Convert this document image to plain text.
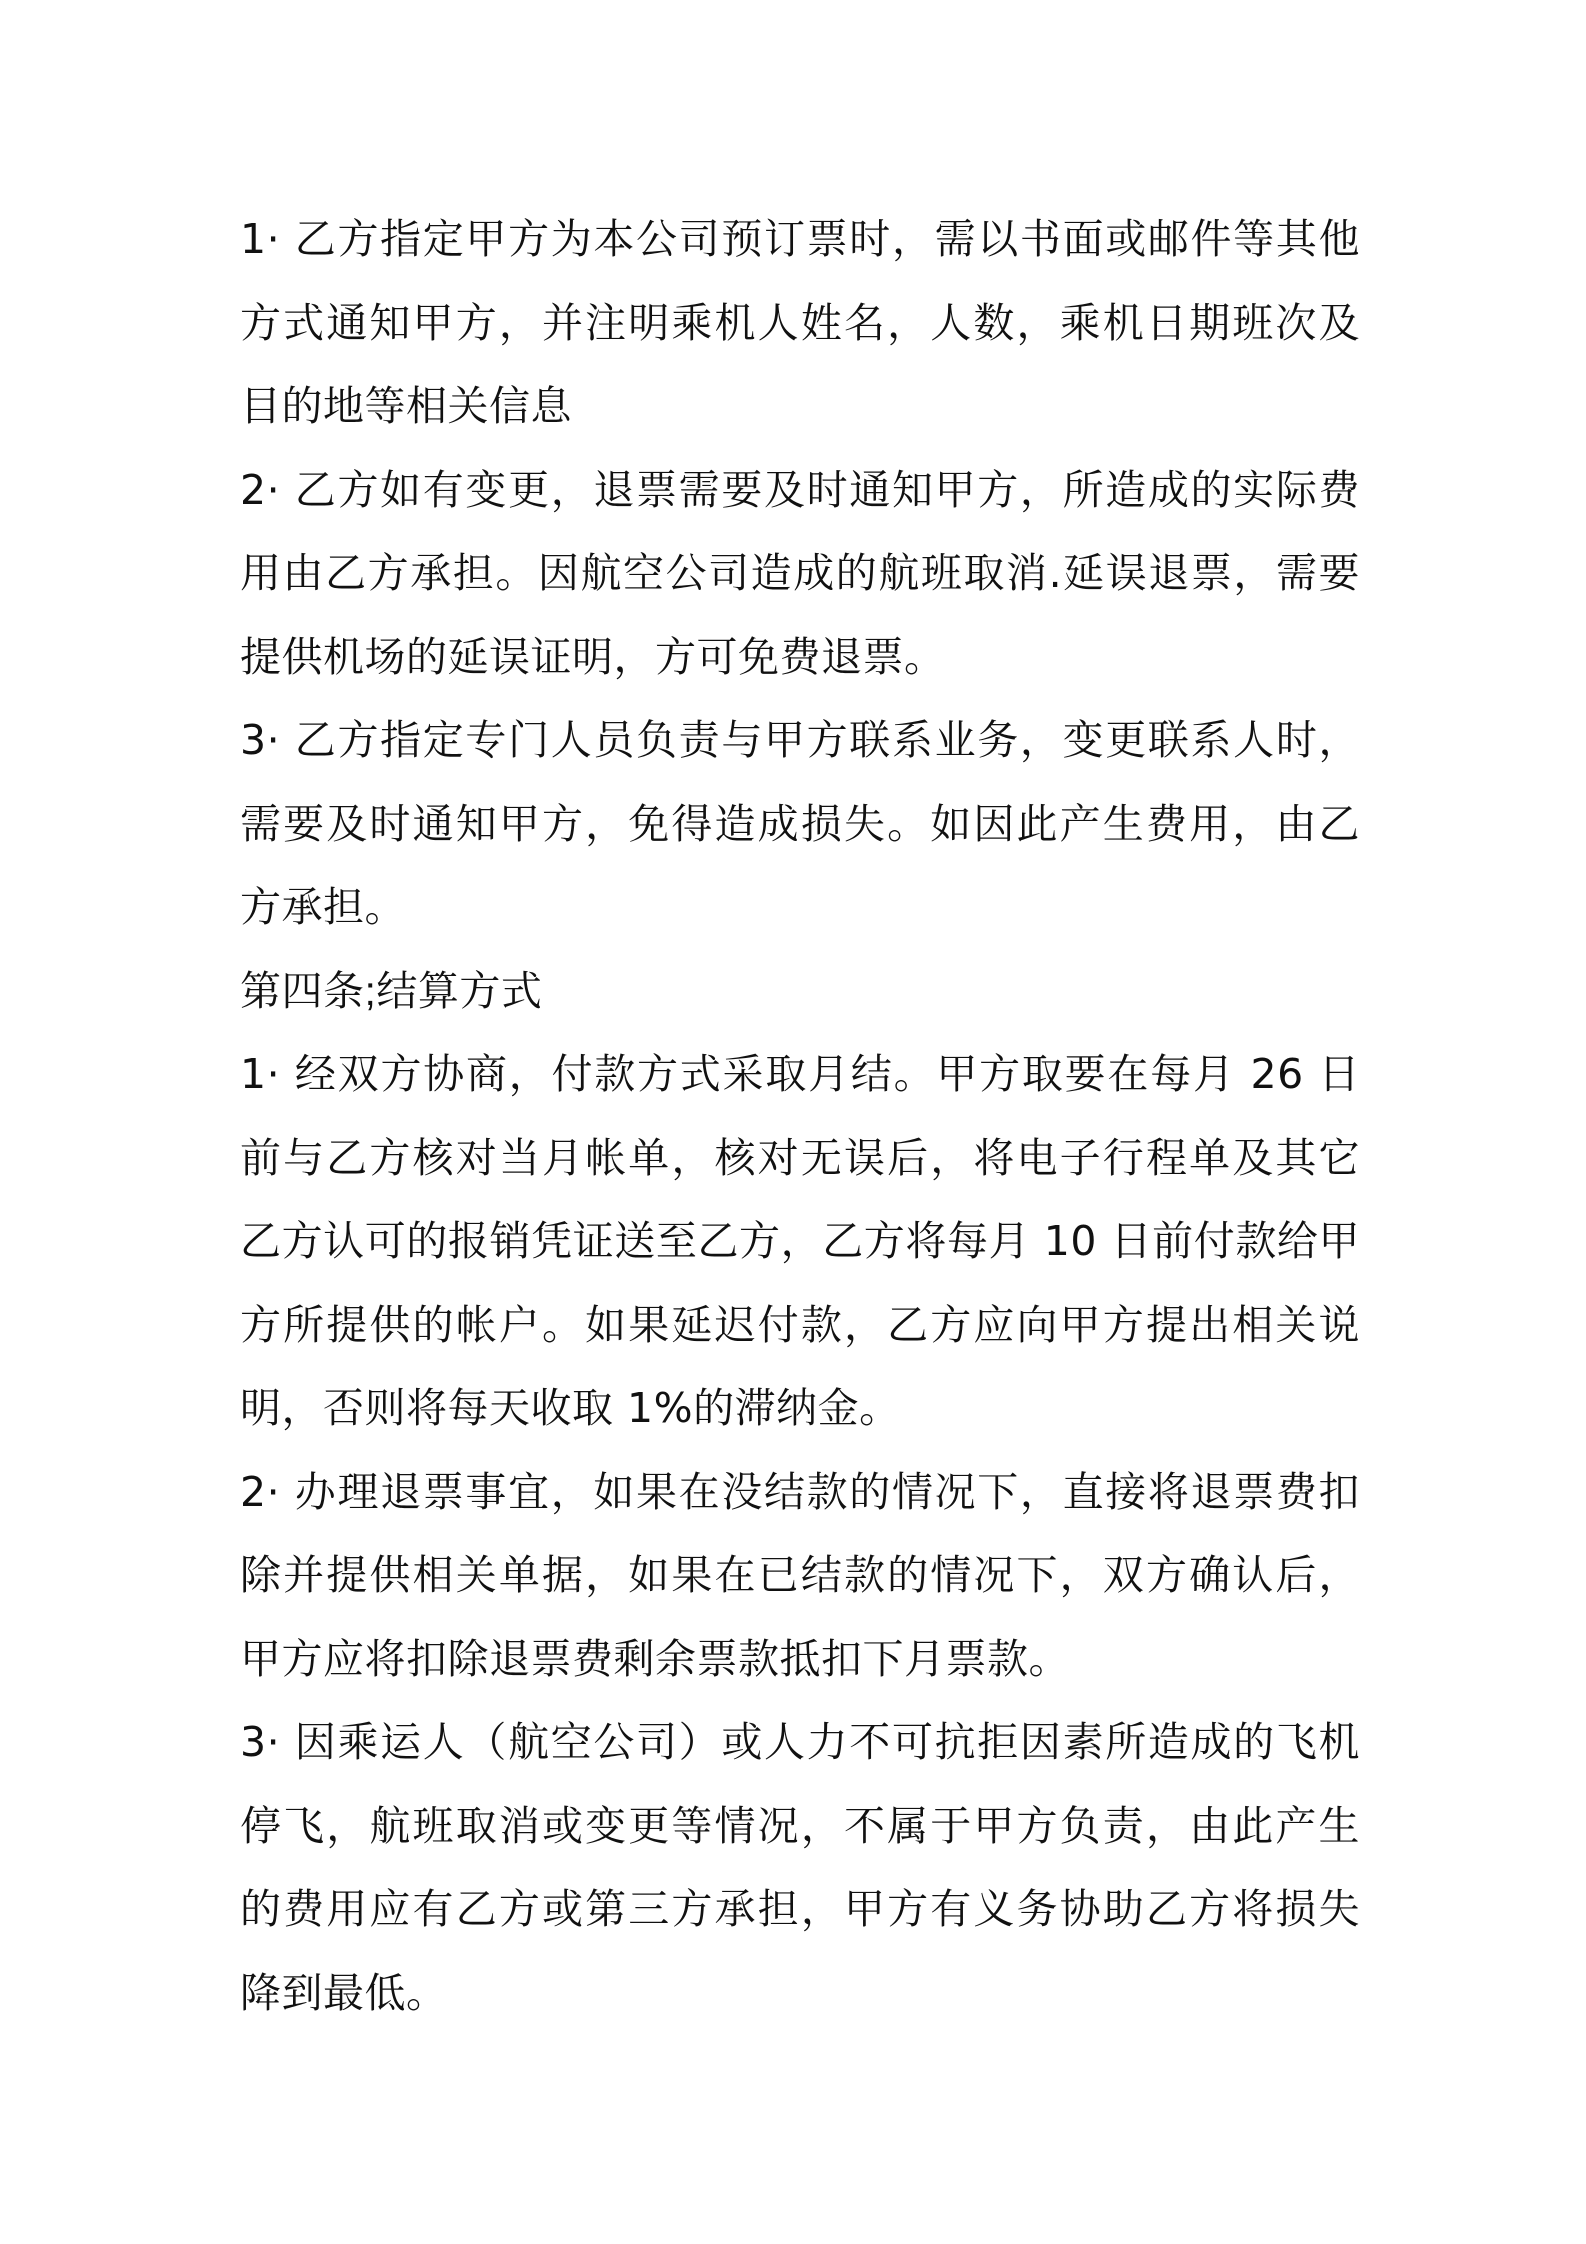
1· 乙方指定甲方为本公司预订票时，需以书面或邮件等其他方式通知甲方，并注明乘机人姓名，人数，乘机日期班次及目的地等相关信息

2· 乙方如有变更，退票需要及时通知甲方，所造成的实际费用由乙方承担。因航空公司造成的航班取消.延误退票，需要提供机场的延误证明，方可免费退票。

3· 乙方指定专门人员负责与甲方联系业务，变更联系人时，需要及时通知甲方，免得造成损失。如因此产生费用，由乙方承担。

第四条;结算方式

1· 经双方协商，付款方式采取月结。甲方取要在每月 26 日前与乙方核对当月帐单，核对无误后，将电子行程单及其它乙方认可的报销凭证送至乙方，乙方将每月 10 日前付款给甲方所提供的帐户。如果延迟付款，乙方应向甲方提出相关说明，否则将每天收取 1%的滞纳金。

2· 办理退票事宜，如果在没结款的情况下，直接将退票费扣除并提供相关单据，如果在已结款的情况下，双方确认后，甲方应将扣除退票费剩余票款抵扣下月票款。

3· 因乘运人（航空公司）或人力不可抗拒因素所造成的飞机停飞，航班取消或变更等情况，不属于甲方负责，由此产生的费用应有乙方或第三方承担，甲方有义务协助乙方将损失降到最低。
